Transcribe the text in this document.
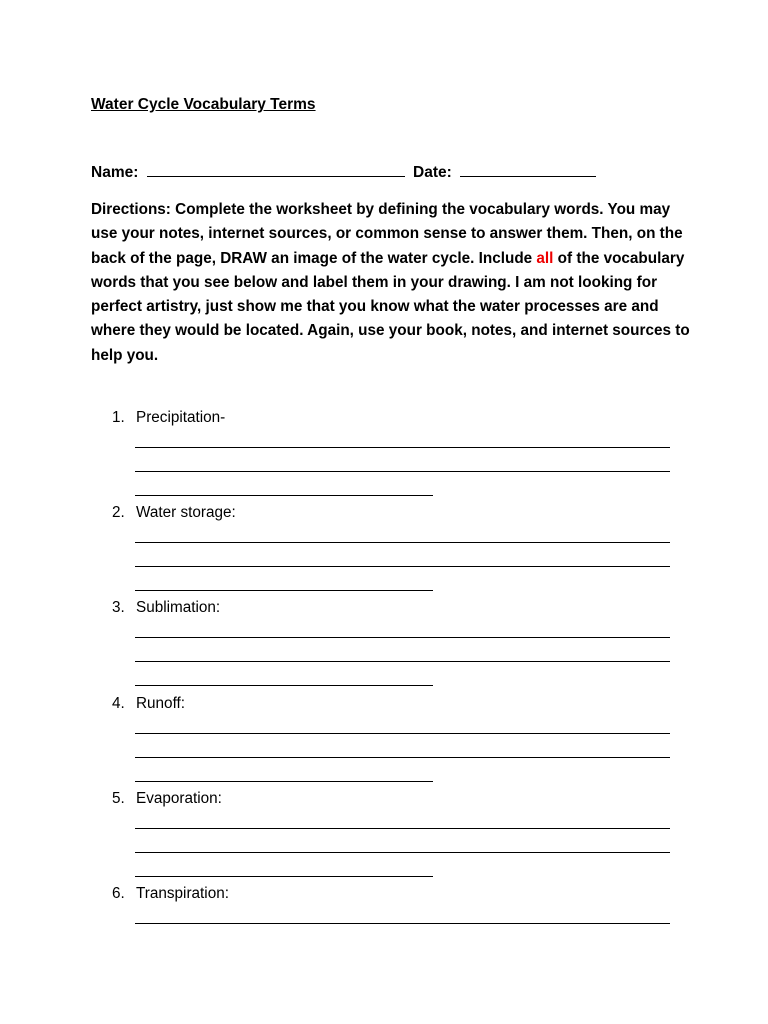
Water Cycle Vocabulary Terms
Name:	Date:
Directions: Complete the worksheet by defining the vocabulary words. You may use your notes, internet sources, or common sense to answer them. Then, on the back of the page, DRAW an image of the water cycle. Include all of the vocabulary words that you see below and label them in your drawing. I am not looking for perfect artistry, just show me that you know what the water processes are and where they would be located. Again, use your book, notes, and internet sources to help you.
1. Precipitation-
2. Water storage:
3. Sublimation:
4. Runoff:
5. Evaporation:
6. Transpiration:
